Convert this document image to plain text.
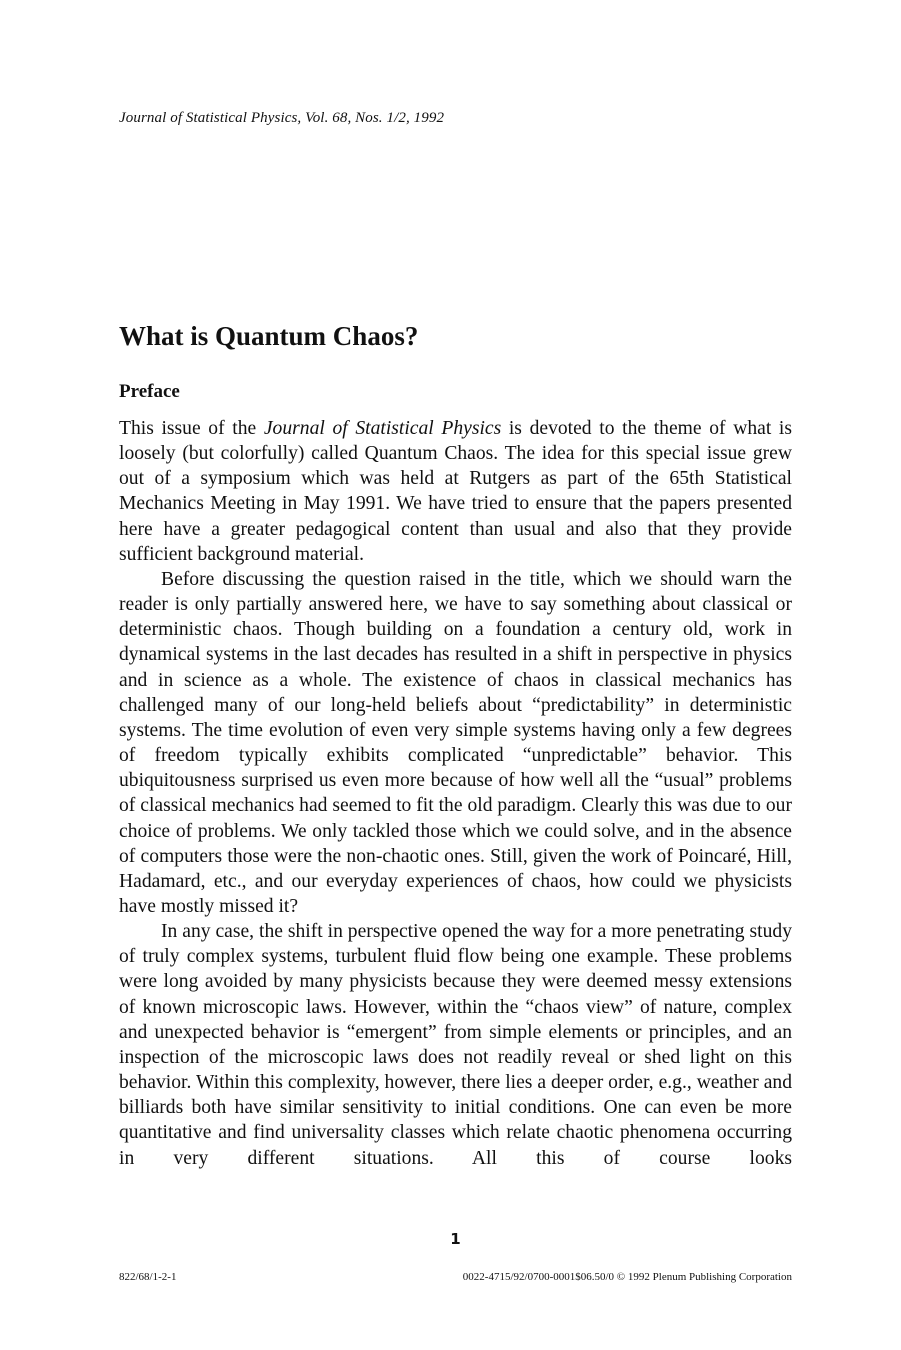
Journal of Statistical Physics, Vol. 68, Nos. 1/2, 1992
What is Quantum Chaos?
Preface

This issue of the Journal of Statistical Physics is devoted to the theme of what is loosely (but colorfully) called Quantum Chaos. The idea for this special issue grew out of a symposium which was held at Rutgers as part of the 65th Statistical Mechanics Meeting in May 1991. We have tried to ensure that the papers presented here have a greater pedagogical content than usual and also that they provide sufficient background material.

Before discussing the question raised in the title, which we should warn the reader is only partially answered here, we have to say something about classical or deterministic chaos. Though building on a foundation a century old, work in dynamical systems in the last decades has resulted in a shift in perspective in physics and in science as a whole. The existence of chaos in classical mechanics has challenged many of our long-held beliefs about “predictability” in deterministic systems. The time evolution of even very simple systems having only a few degrees of freedom typically exhibits complicated “unpredictable” behavior. This ubiquitousness surprised us even more because of how well all the “usual” problems of classical mechanics had seemed to fit the old paradigm. Clearly this was due to our choice of problems. We only tackled those which we could solve, and in the absence of computers those were the non-chaotic ones. Still, given the work of Poincaré, Hill, Hadamard, etc., and our everyday experiences of chaos, how could we physicists have mostly missed it?

In any case, the shift in perspective opened the way for a more penetrating study of truly complex systems, turbulent fluid flow being one example. These problems were long avoided by many physicists because they were deemed messy extensions of known microscopic laws. However, within the “chaos view” of nature, complex and unexpected behavior is “emergent” from simple elements or principles, and an inspection of the microscopic laws does not readily reveal or shed light on this behavior. Within this complexity, however, there lies a deeper order, e.g., weather and billiards both have similar sensitivity to initial conditions. One can even be more quantitative and find universality classes which relate chaotic phenomena occurring in very different situations. All this of course looks

1
822/68/1-2-1	0022-4715/92/0700-0001$06.50/0 © 1992 Plenum Publishing Corporation
